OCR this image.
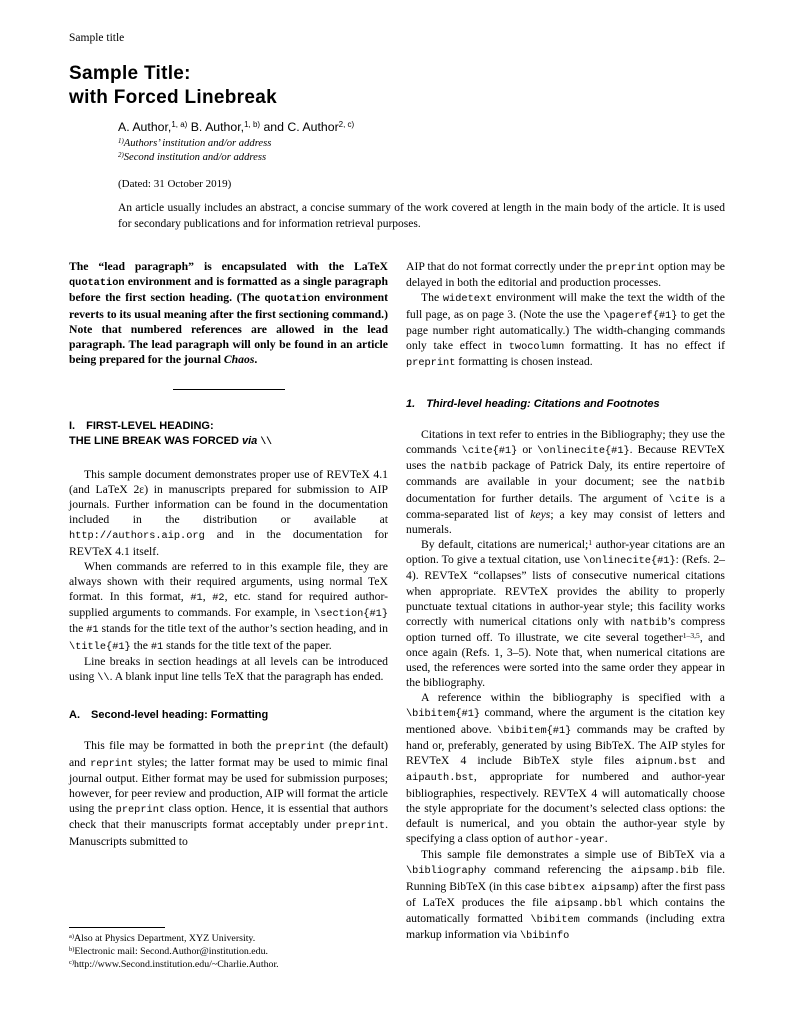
Sample title
Sample Title:
with Forced Linebreak
A. Author,$^{1, a)}$ B. Author,$^{1, b)}$ and C. Author$^{2, c)}$
$^{1)}$Authors’ institution and/or address
$^{2)}$Second institution and/or address
(Dated: 31 October 2019)

An article usually includes an abstract, a concise summary of the work covered at length in the main body of the article. It is used for secondary publications and for information retrieval purposes.

The “lead paragraph” is encapsulated with the LaTeX quotation environment and is formatted as a single paragraph before the first section heading. (The quotation environment reverts to its usual meaning after the first sectioning command.) Note that numbered references are allowed in the lead paragraph. The lead paragraph will only be found in an article being prepared for the journal Chaos.

I. FIRST-LEVEL HEADING:
THE LINE BREAK WAS FORCED via \\

This sample document demonstrates proper use of REVTeX 4.1 (and LaTeX 2ε) in manuscripts prepared for submission to AIP journals. Further information can be found in the documentation included in the distribution or available at http://authors.aip.org and in the documentation for REVTeX 4.1 itself.

When commands are referred to in this example file, they are always shown with their required arguments, using normal TeX format. In this format, #1, #2, etc. stand for required author-supplied arguments to commands. For example, in \section{#1} the #1 stands for the title text of the author’s section heading, and in \title{#1} the #1 stands for the title text of the paper.

Line breaks in section headings at all levels can be introduced using \\. A blank input line tells TeX that the paragraph has ended.

A. Second-level heading: Formatting

This file may be formatted in both the preprint (the default) and reprint styles; the latter format may be used to mimic final journal output. Either format may be used for submission purposes; however, for peer review and production, AIP will format the article using the preprint class option. Hence, it is essential that authors check that their manuscripts format acceptably under preprint. Manuscripts submitted to

$^{a)}$Also at Physics Department, XYZ University.
$^{b)}$Electronic mail: Second.Author@institution.edu.
$^{c)}$http://www.Second.institution.edu/~Charlie.Author.

AIP that do not format correctly under the preprint option may be delayed in both the editorial and production processes.

The widetext environment will make the text the width of the full page, as on page 3. (Note the use the \pageref{#1} to get the page number right automatically.) The width-changing commands only take effect in twocolumn formatting. It has no effect if preprint formatting is chosen instead.

1. Third-level heading: Citations and Footnotes

Citations in text refer to entries in the Bibliography; they use the commands \cite{#1} or \onlinecite{#1}. Because REVTeX uses the natbib package of Patrick Daly, its entire repertoire of commands are available in your document; see the natbib documentation for further details. The argument of \cite is a comma-separated list of keys; a key may consist of letters and numerals.

By default, citations are numerical;$^1$ author-year citations are an option. To give a textual citation, use \onlinecite{#1}: (Refs. 2–4). REVTeX “collapses” lists of consecutive numerical citations when appropriate. REVTeX provides the ability to properly punctuate textual citations in author-year style; this facility works correctly with numerical citations only with natbib’s compress option turned off. To illustrate, we cite several together$^{1-3,5}$, and once again (Refs. 1, 3–5). Note that, when numerical citations are used, the references were sorted into the same order they appear in the bibliography.

A reference within the bibliography is specified with a \bibitem{#1} command, where the argument is the citation key mentioned above. \bibitem{#1} commands may be crafted by hand or, preferably, generated by using BibTeX. The AIP styles for REVTeX 4 include BibTeX style files aipnum.bst and aipauth.bst, appropriate for numbered and author-year bibliographies, respectively. REVTeX 4 will automatically choose the style appropriate for the document’s selected class options: the default is numerical, and you obtain the author-year style by specifying a class option of author-year.

This sample file demonstrates a simple use of BibTeX via a \bibliography command referencing the aipsamp.bib file. Running BibTeX (in this case bibtex aipsamp) after the first pass of LaTeX produces the file aipsamp.bbl which contains the automatically formatted \bibitem commands (including extra markup information via \bibinfo
